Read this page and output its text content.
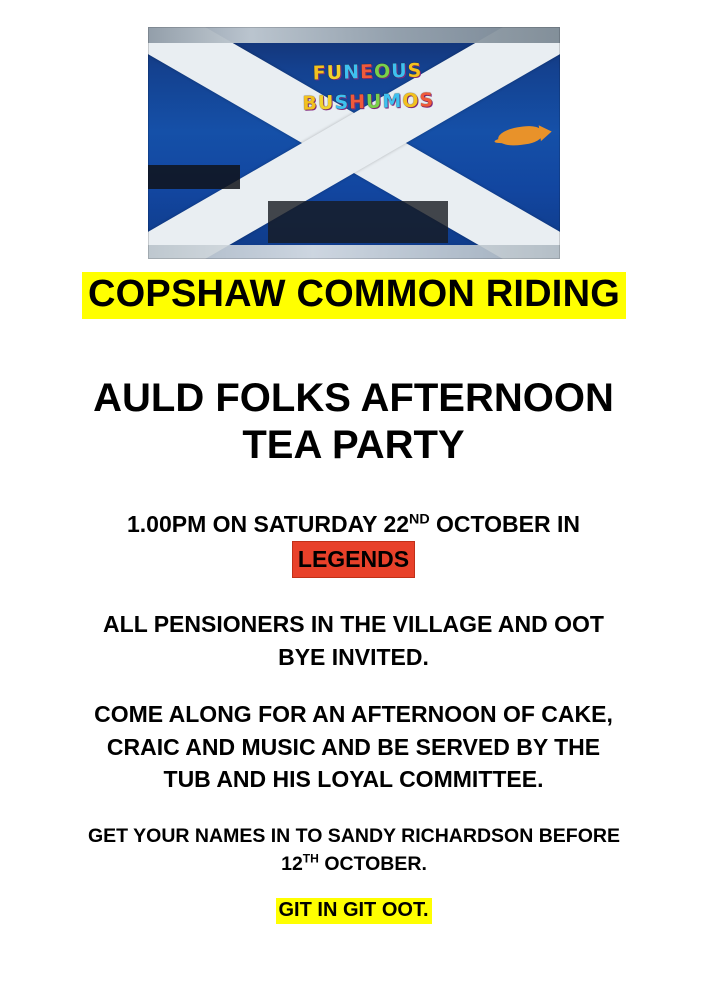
FUNEOUS
BUSHUMOS
COPSHAW COMMON RIDING
AULD FOLKS AFTERNOON
TEA PARTY
1.00PM ON SATURDAY 22ND OCTOBER IN
LEGENDS
ALL PENSIONERS IN THE VILLAGE AND OOT
BYE INVITED.
COME ALONG FOR AN AFTERNOON OF CAKE,
CRAIC AND MUSIC AND BE SERVED BY THE
TUB AND HIS LOYAL COMMITTEE.
GET YOUR NAMES IN TO SANDY RICHARDSON BEFORE
12TH OCTOBER.
GIT IN GIT OOT.
